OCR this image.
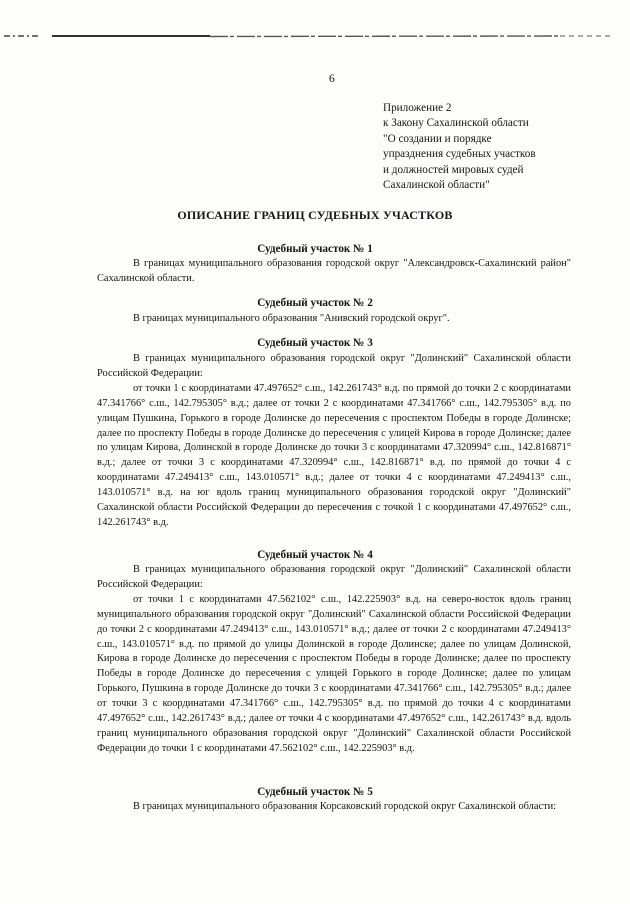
6
Приложение 2
к Закону Сахалинской области
"О создании и порядке
упразднения судебных участков
и должностей мировых судей
Сахалинской области"
ОПИСАНИЕ ГРАНИЦ СУДЕБНЫХ УЧАСТКОВ
Судебный участок № 1

В границах муниципального образования городской округ "Александровск-Сахалинский район" Сахалинской области.

Судебный участок № 2

В границах муниципального образования "Анивский городской округ".

Судебный участок № 3

В границах муниципального образования городской округ "Долинский" Сахалинской области Российской Федерации:

от точки 1 с координатами 47.497652° с.ш., 142.261743° в.д. по прямой до точки 2 с координатами 47.341766° с.ш., 142.795305° в.д.; далее от точки 2 с координатами 47.341766° с.ш., 142.795305° в.д. по улицам Пушкина, Горького в городе Долинске до пересечения с проспектом Победы в городе Долинске; далее по проспекту Победы в городе Долинске до пересечения с улицей Кирова в городе Долинске; далее по улицам Кирова, Долинской в городе Долинске до точки 3 с координатами 47.320994° с.ш., 142.816871° в.д.; далее от точки 3 с координатами 47.320994° с.ш., 142.816871° в.д. по прямой до точки 4 с координатами 47.249413° с.ш., 143.010571° в.д.; далее от точки 4 с координатами 47.249413° с.ш., 143.010571° в.д. на юг вдоль границ муниципального образования городской округ "Долинский" Сахалинской области Российской Федерации до пересечения с точкой 1 с координатами 47.497652° с.ш., 142.261743° в.д.

Судебный участок № 4

В границах муниципального образования городской округ "Долинский" Сахалинской области Российской Федерации:

от точки 1 с координатами 47.562102° с.ш., 142.225903° в.д. на северо-восток вдоль границ муниципального образования городской округ "Долинский" Сахалинской области Российской Федерации до точки 2 с координатами 47.249413° с.ш., 143.010571° в.д.; далее от точки 2 с координатами 47.249413° с.ш., 143.010571° в.д. по прямой до улицы Долинской в городе Долинске; далее по улицам Долинской, Кирова в городе Долинске до пересечения с проспектом Победы в городе Долинске; далее по проспекту Победы в городе Долинске до пересечения с улицей Горького в городе Долинске; далее по улицам Горького, Пушкина в городе Долинске до точки 3 с координатами 47.341766° с.ш., 142.795305° в.д.; далее от точки 3 с координатами 47.341766° с.ш., 142.795305° в.д. по прямой до точки 4 с координатами 47.497652° с.ш., 142.261743° в.д.; далее от точки 4 с координатами 47.497652° с.ш., 142.261743° в.д. вдоль границ муниципального образования городской округ "Долинский" Сахалинской области Российской Федерации до точки 1 с координатами 47.562102° с.ш., 142.225903° в.д.

Судебный участок № 5

В границах муниципального образования Корсаковский городской округ Сахалинской области:
